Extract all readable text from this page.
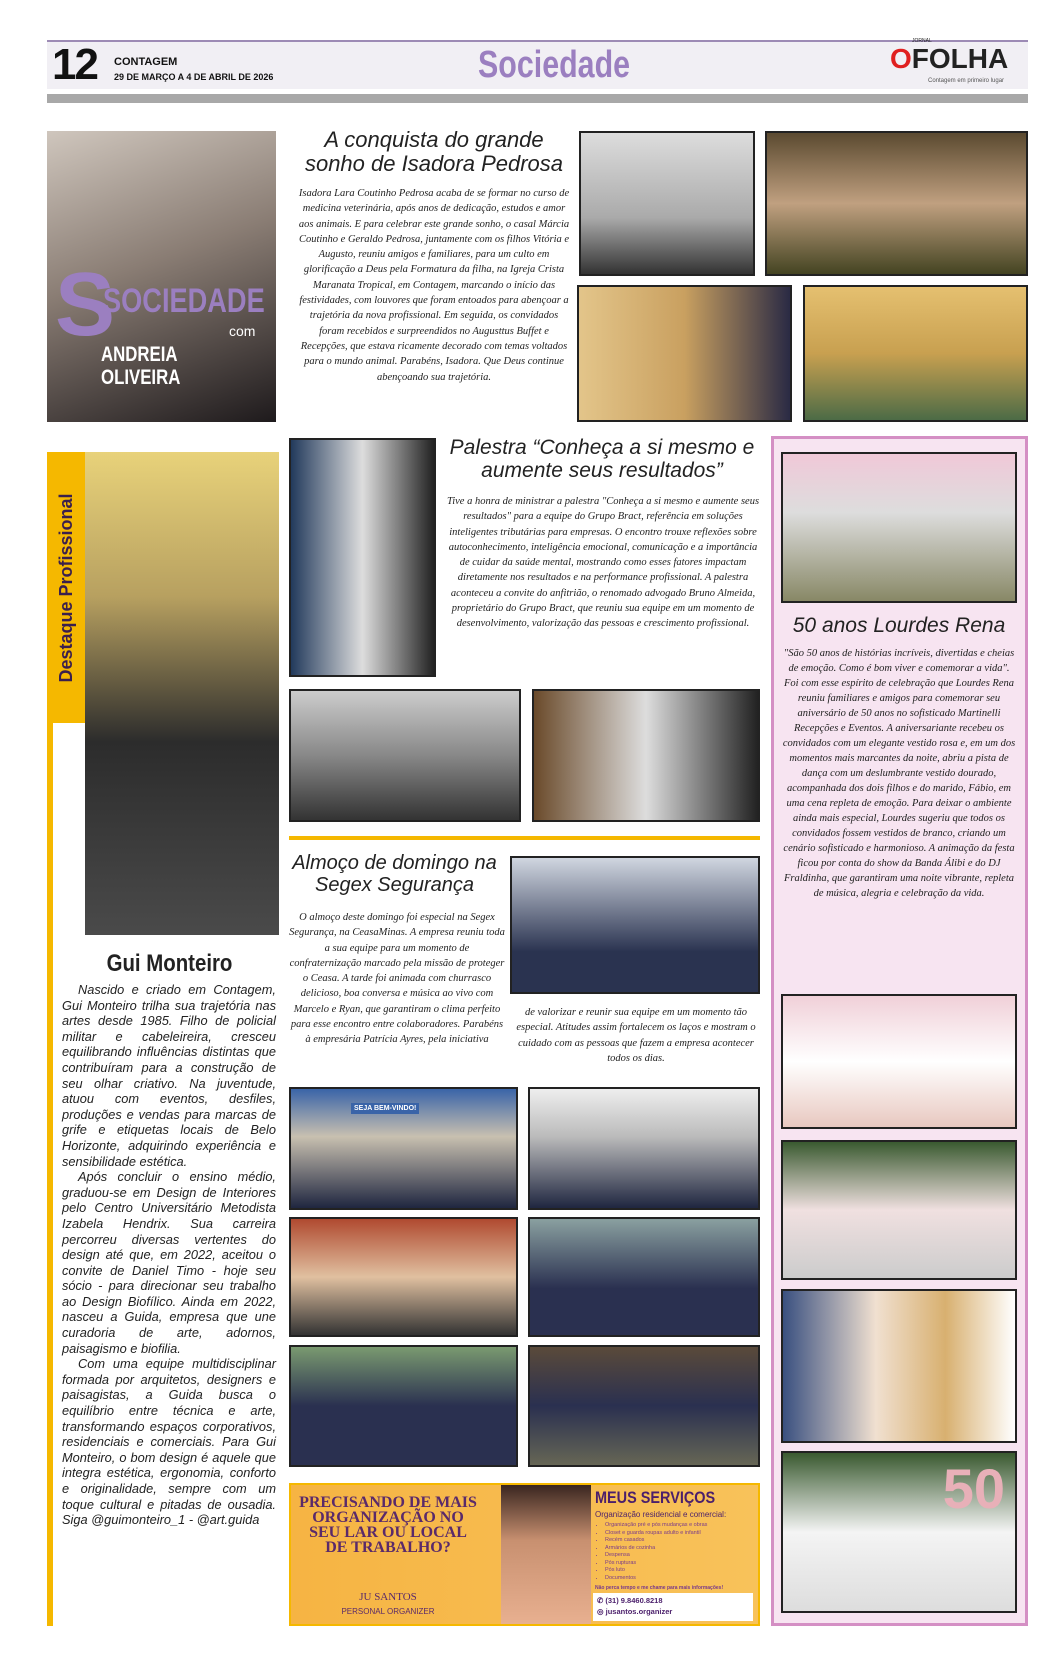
12 CONTAGEM
29 DE MARÇO A 4 DE ABRIL DE 2026	Sociedade
JORNAL
OFOLHA
Contagem em primeiro lugar
S
SOCIEDADE
com
ANDREIA OLIVEIRA
A conquista do grande sonho de Isadora Pedrosa
Isadora Lara Coutinho Pedrosa acaba de se formar no curso de medicina veterinária, após anos de dedicação, estudos e amor aos animais. E para celebrar este grande sonho, o casal Márcia Coutinho e Geraldo Pedrosa, juntamente com os filhos Vitória e Augusto, reuniu amigos e familiares, para um culto em glorificação a Deus pela Formatura da filha, na Igreja Crista Maranata Tropical, em Contagem, marcando o início das festividades, com louvores que foram entoados para abençoar a trajetória da nova profissional. Em seguida, os convidados foram recebidos e surpreendidos no Augusttus Buffet e Recepções, que estava ricamente decorado com temas voltados para o mundo animal. Parabéns, Isadora. Que Deus continue abençoando sua trajetória.
Destaque Profissional
Gui Monteiro

Nascido e criado em Contagem, Gui Monteiro trilha sua trajetória nas artes desde 1985. Filho de policial militar e cabeleireira, cresceu equilibrando influências distintas que contribuíram para a construção de seu olhar criativo. Na juventude, atuou com eventos, desfiles, produções e vendas para marcas de grife e etiquetas locais de Belo Horizonte, adquirindo experiência e sensibilidade estética.

Após concluir o ensino médio, graduou-se em Design de Interiores pelo Centro Universitário Metodista Izabela Hendrix. Sua carreira percorreu diversas vertentes do design até que, em 2022, aceitou o convite de Daniel Timo - hoje seu sócio - para direcionar seu trabalho ao Design Biofílico. Ainda em 2022, nasceu a Guida, empresa que une curadoria de arte, adornos, paisagismo e biofilia.

Com uma equipe multidisciplinar formada por arquitetos, designers e paisagistas, a Guida busca o equilíbrio entre técnica e arte, transformando espaços corporativos, residenciais e comerciais. Para Gui Monteiro, o bom design é aquele que integra estética, ergonomia, conforto e originalidade, sempre com um toque cultural e pitadas de ousadia. Siga @guimonteiro_1 - @art.guida

Palestra “Conheça a si mesmo e aumente seus resultados”
Tive a honra de ministrar a palestra "Conheça a si mesmo e aumente seus resultados" para a equipe do Grupo Bract, referência em soluções inteligentes tributárias para empresas. O encontro trouxe reflexões sobre autoconhecimento, inteligência emocional, comunicação e a importância de cuidar da saúde mental, mostrando como esses fatores impactam diretamente nos resultados e na performance profissional. A palestra aconteceu a convite do anfitrião, o renomado advogado Bruno Almeida, proprietário do Grupo Bract, que reuniu sua equipe em um momento de desenvolvimento, valorização das pessoas e crescimento profissional.
Almoço de domingo na Segex Segurança
O almoço deste domingo foi especial na Segex Segurança, na CeasaMinas. A empresa reuniu toda a sua equipe para um momento de confraternização marcado pela missão de proteger o Ceasa. A tarde foi animada com churrasco delicioso, boa conversa e música ao vivo com Marcelo e Ryan, que garantiram o clima perfeito para esse encontro entre colaboradores. Parabéns à empresária Patrícia Ayres, pela iniciativa
de valorizar e reunir sua equipe em um momento tão especial. Atitudes assim fortalecem os laços e mostram o cuidado com as pessoas que fazem a empresa acontecer todos os dias.
SEJA BEM-VINDO!
PRECISANDO DE MAIS ORGANIZAÇÃO NO SEU LAR OU LOCAL DE TRABALHO?
JU SANTOS
PERSONAL ORGANIZER
MEUS SERVIÇOS
Organização residencial e comercial:
• Organização pré e pós mudanças e obras
• Closet e guarda roupas adulto e infantil
• Recém casados
• Armários de cozinha
• Despensa
• Pós rupturas
• Pós luto
• Documentos
Não perca tempo e me chame para mais informações!
✆ (31) 9.8460.8218
◎ jusantos.organizer
50 anos Lourdes Rena
"São 50 anos de histórias incríveis, divertidas e cheias de emoção. Como é bom viver e comemorar a vida". Foi com esse espírito de celebração que Lourdes Rena reuniu familiares e amigos para comemorar seu aniversário de 50 anos no sofisticado Martinelli Recepções e Eventos. A aniversariante recebeu os convidados com um elegante vestido rosa e, em um dos momentos mais marcantes da noite, abriu a pista de dança com um deslumbrante vestido dourado, acompanhada dos dois filhos e do marido, Fábio, em uma cena repleta de emoção. Para deixar o ambiente ainda mais especial, Lourdes sugeriu que todos os convidados fossem vestidos de branco, criando um cenário sofisticado e harmonioso. A animação da festa ficou por conta do show da Banda Álibi e do DJ Fraldinha, que garantiram uma noite vibrante, repleta de música, alegria e celebração da vida.
50
